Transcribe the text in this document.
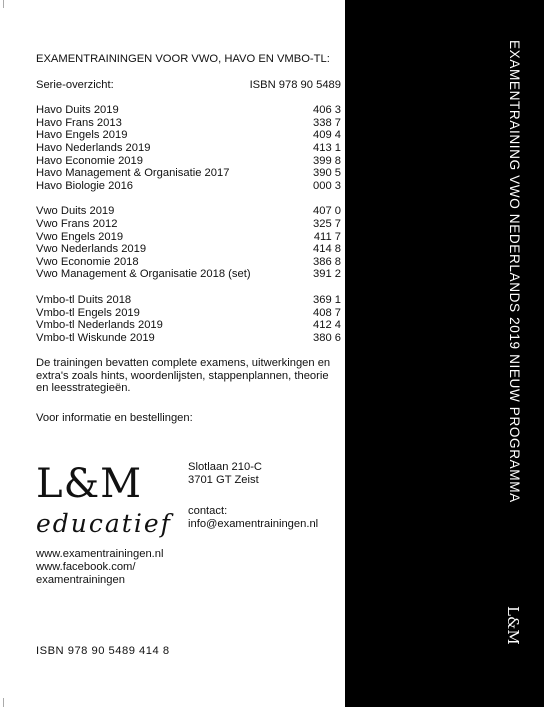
EXAMENTRAININGEN VOOR VWO, HAVO EN VMBO-TL:
Serie-overzicht:	ISBN 978 90 5489
Havo Duits 2019	406 3
Havo Frans 2013	338 7
Havo Engels 2019	409 4
Havo Nederlands 2019	413 1
Havo Economie 2019	399 8
Havo Management & Organisatie 2017	390 5
Havo Biologie 2016	000 3
Vwo Duits 2019	407 0
Vwo Frans 2012	325 7
Vwo Engels 2019	411 7
Vwo Nederlands 2019	414 8
Vwo Economie 2018	386 8
Vwo Management & Organisatie 2018 (set)	391 2
Vmbo-tl Duits 2018	369 1
Vmbo-tl Engels 2019	408 7
Vmbo-tl Nederlands 2019	412 4
Vmbo-tl Wiskunde 2019	380 6
De trainingen bevatten complete examens, uitwerkingen en extra's zoals hints, woordenlijsten, stappenplannen, theorie en leesstrategieën.
Voor informatie en bestellingen:
L&M
educatief
Slotlaan 210-C
3701 GT Zeist
contact:
info@examentrainingen.nl
www.examentrainingen.nl
www.facebook.com/
examentrainingen
ISBN 978 90 5489 414 8
EXAMENTRAINING VWO NEDERLANDS 2019 NIEUW PROGRAMMA
L&M
